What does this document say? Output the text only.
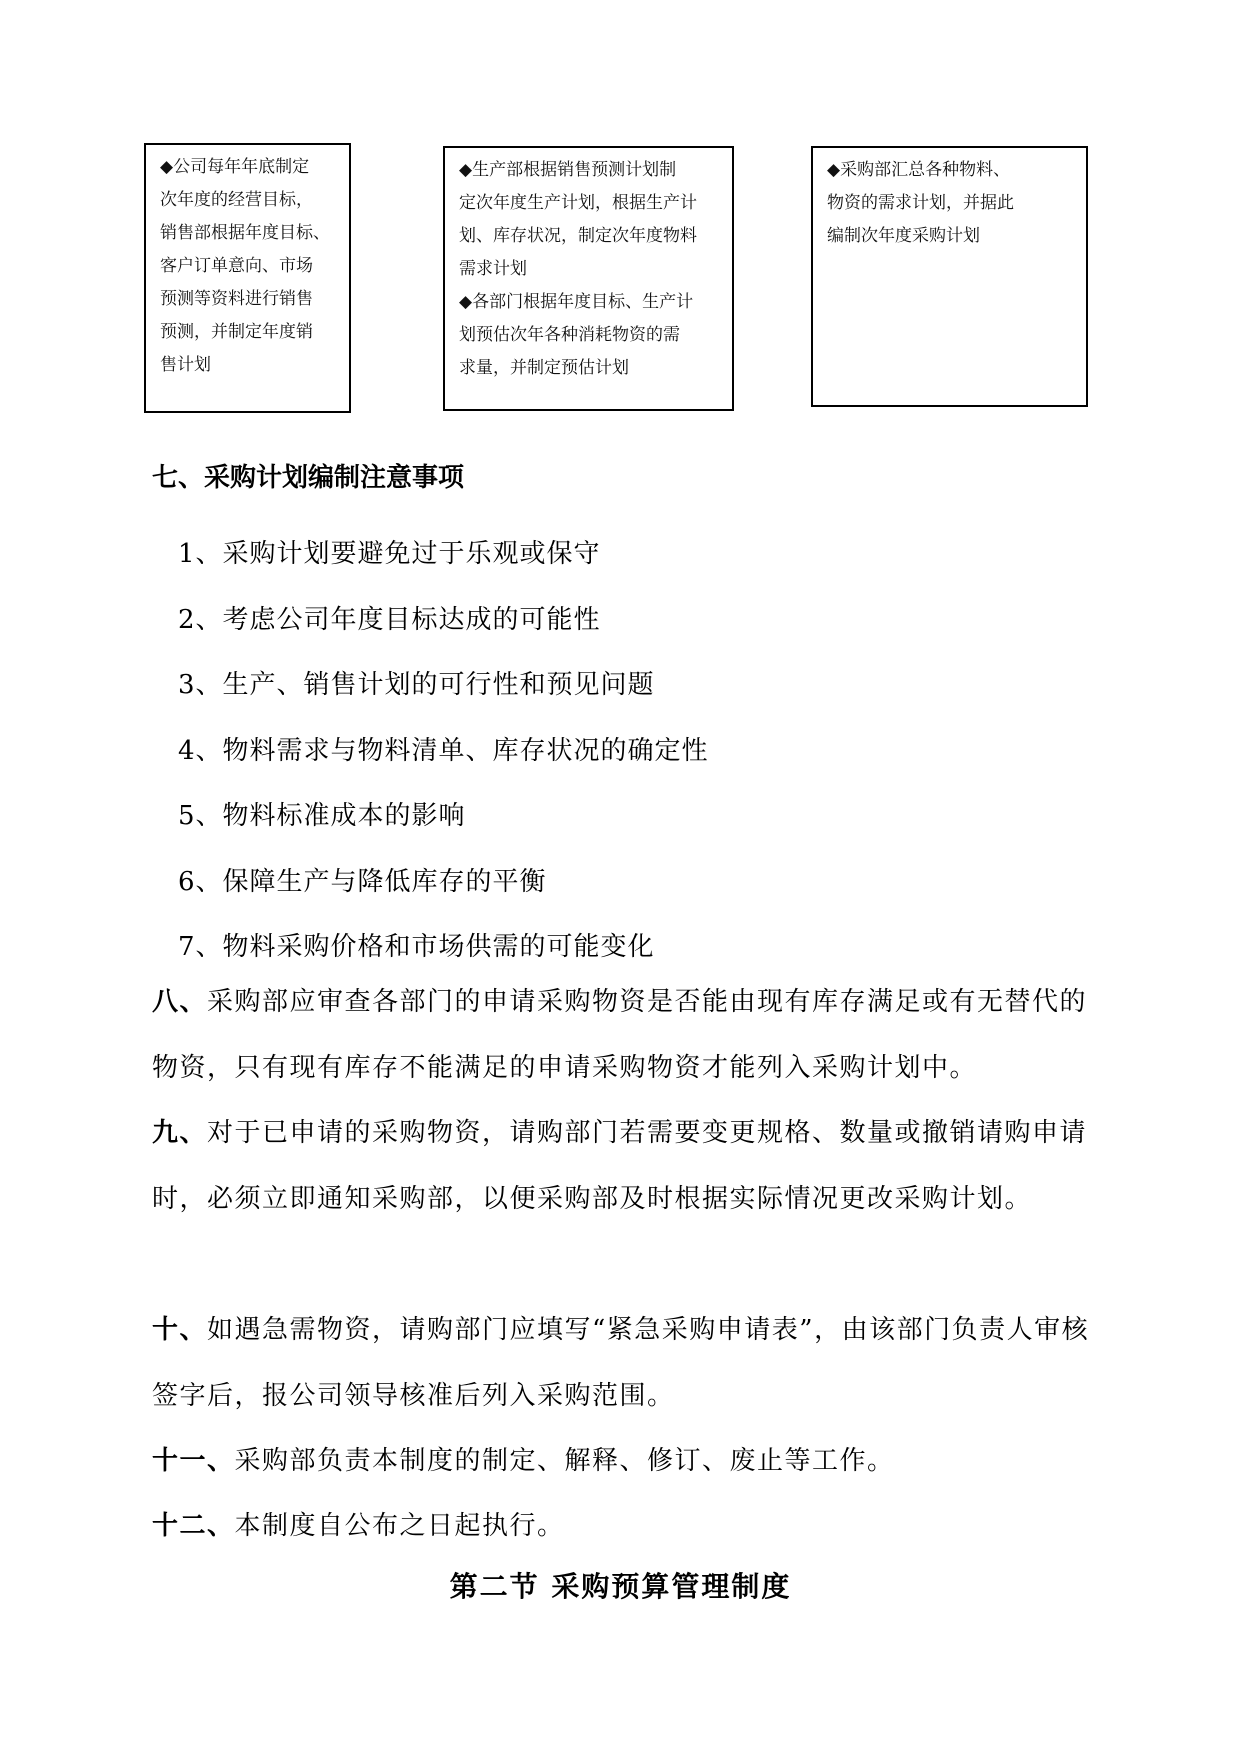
◆公司每年年底制定

次年度的经营目标，

销售部根据年度目标、

客户订单意向、市场

预测等资料进行销售

预测，并制定年度销

售计划

◆生产部根据销售预测计划制

定次年度生产计划，根据生产计

划、库存状况，制定次年度物料

需求计划

◆各部门根据年度目标、生产计

划预估次年各种消耗物资的需

求量，并制定预估计划

◆采购部汇总各种物料、

物资的需求计划，并据此

编制次年度采购计划

七、采购计划编制注意事项

1、采购计划要避免过于乐观或保守
2、考虑公司年度目标达成的可能性
3、生产、销售计划的可行性和预见问题
4、物料需求与物料清单、库存状况的确定性
5、物料标准成本的影响
6、保障生产与降低库存的平衡
7、物料采购价格和市场供需的可能变化

八、采购部应审查各部门的申请采购物资是否能由现有库存满足或有无替代的物资，只有现有库存不能满足的申请采购物资才能列入采购计划中。

九、对于已申请的采购物资，请购部门若需要变更规格、数量或撤销请购申请时，必须立即通知采购部，以便采购部及时根据实际情况更改采购计划。

十、如遇急需物资，请购部门应填写“紧急采购申请表”，由该部门负责人审核签字后，报公司领导核准后列入采购范围。

十一、采购部负责本制度的制定、解释、修订、废止等工作。

十二、本制度自公布之日起执行。

第二节 采购预算管理制度
